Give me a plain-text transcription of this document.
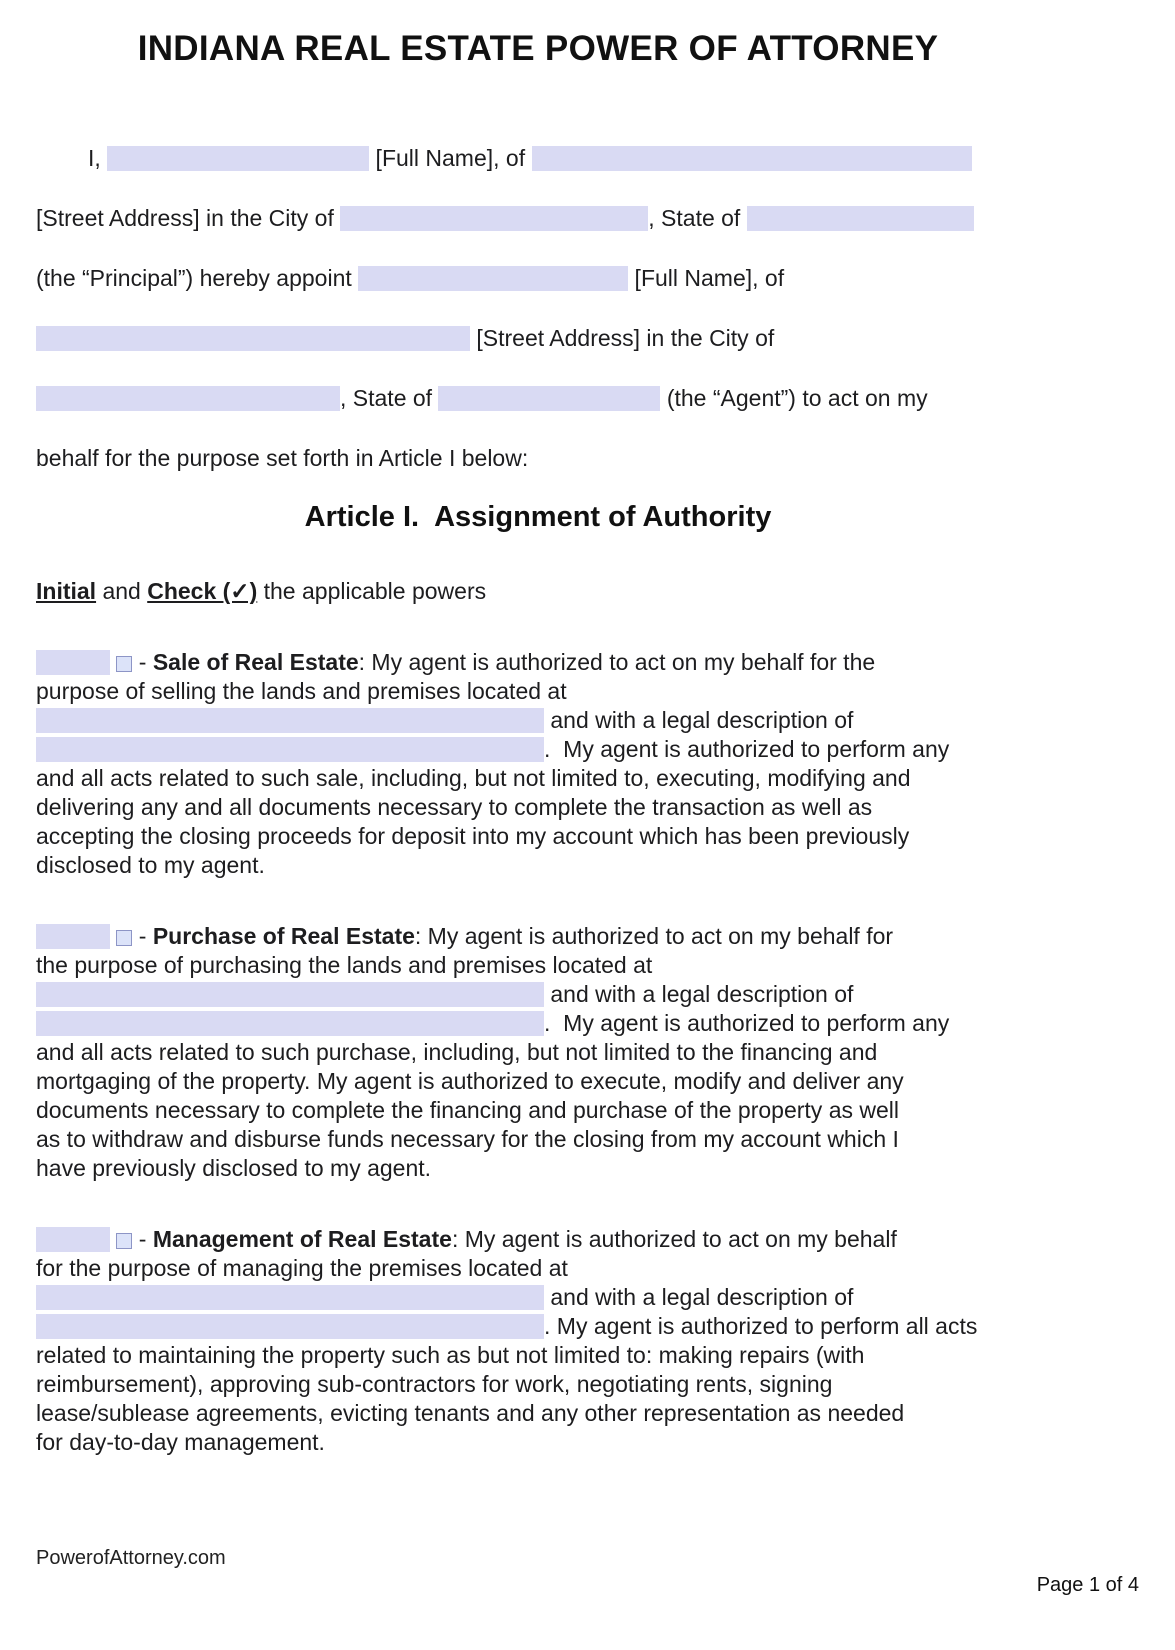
INDIANA REAL ESTATE POWER OF ATTORNEY
I,	[Full Name], of
[Street Address] in the City of	, State of
(the “Principal”) hereby appoint	[Full Name], of
[Street Address] in the City of
, State of	(the “Agent”) to act on my
behalf for the purpose set forth in Article I below:
Article I.  Assignment of Authority
Initial and Check (✓) the applicable powers
- Sale of Real Estate: My agent is authorized to act on my behalf for the
purpose of selling the lands and premises located at
and with a legal description of
.  My agent is authorized to perform any
and all acts related to such sale, including, but not limited to, executing, modifying and
delivering any and all documents necessary to complete the transaction as well as
accepting the closing proceeds for deposit into my account which has been previously
disclosed to my agent.
- Purchase of Real Estate: My agent is authorized to act on my behalf for
the purpose of purchasing the lands and premises located at
and with a legal description of
.  My agent is authorized to perform any
and all acts related to such purchase, including, but not limited to the financing and
mortgaging of the property. My agent is authorized to execute, modify and deliver any
documents necessary to complete the financing and purchase of the property as well
as to withdraw and disburse funds necessary for the closing from my account which I
have previously disclosed to my agent.
- Management of Real Estate: My agent is authorized to act on my behalf
for the purpose of managing the premises located at
and with a legal description of
. My agent is authorized to perform all acts
related to maintaining the property such as but not limited to: making repairs (with
reimbursement), approving sub-contractors for work, negotiating rents, signing
lease/sublease agreements, evicting tenants and any other representation as needed
for day-to-day management.
PowerofAttorney.com
Page 1 of 4
